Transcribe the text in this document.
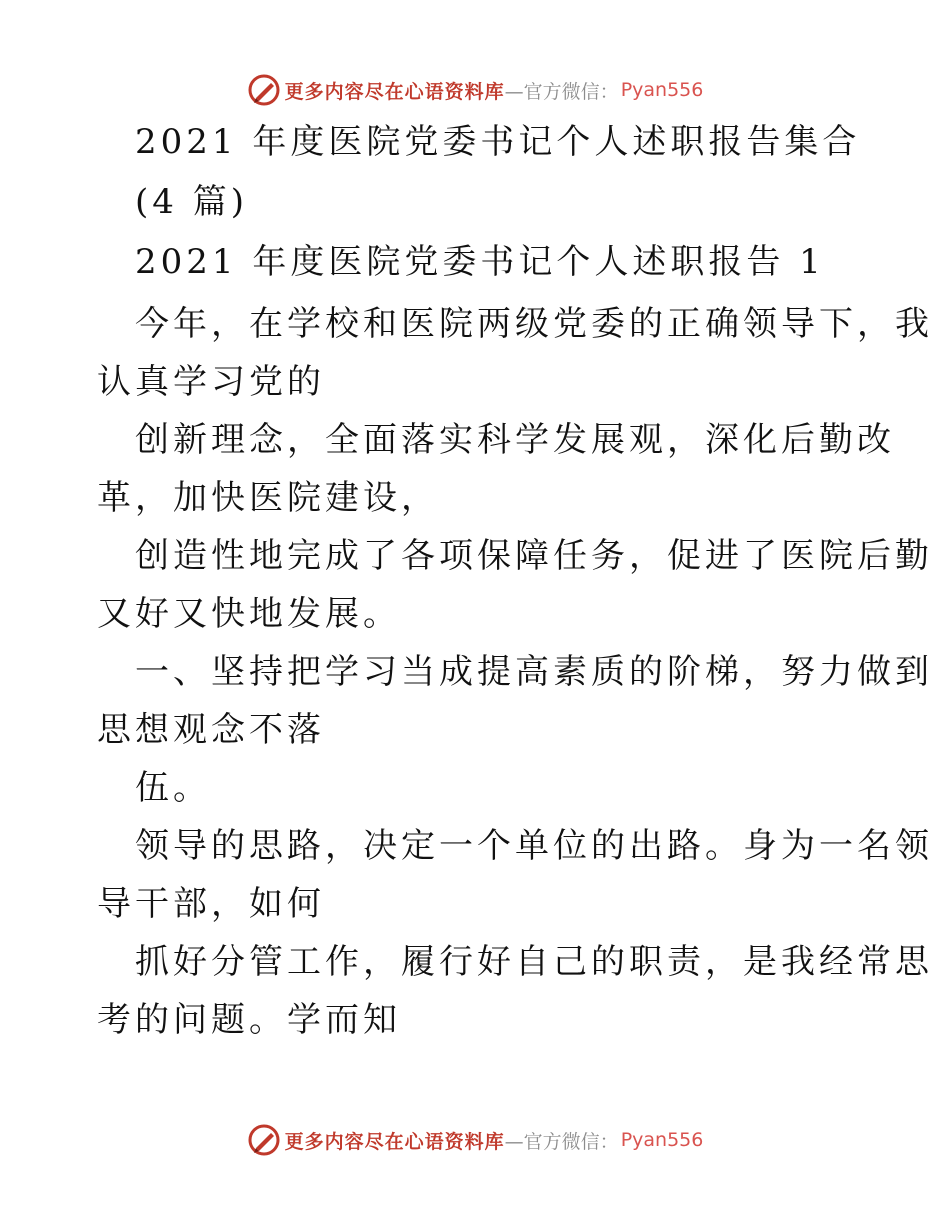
更多内容尽在心语资料库 —官方微信： Pyan556
2021 年度医院党委书记个人述职报告集合
(4 篇)
2021 年度医院党委书记个人述职报告 1
今年，在学校和医院两级党委的正确领导下，我
认真学习党的
创新理念，全面落实科学发展观，深化后勤改
革，加快医院建设，
创造性地完成了各项保障任务，促进了医院后勤
又好又快地发展。
一、坚持把学习当成提高素质的阶梯，努力做到
思想观念不落
伍。
领导的思路，决定一个单位的出路。身为一名领
导干部，如何
抓好分管工作，履行好自己的职责，是我经常思
考的问题。学而知
更多内容尽在心语资料库 —官方微信： Pyan556
